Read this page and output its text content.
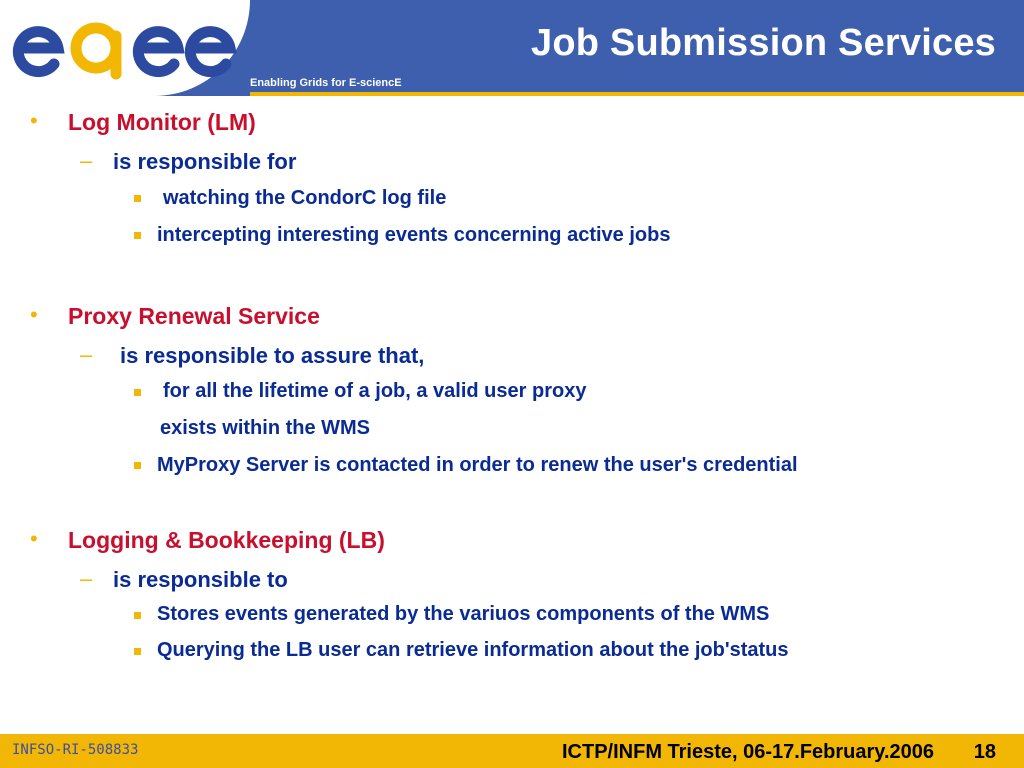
Enabling Grids for E-sciencE
Job Submission Services
• Log Monitor (LM)
– is responsible for
watching the CondorC log file
intercepting interesting events concerning active jobs
• Proxy Renewal Service
– is responsible to assure that,
for all the lifetime of a job, a valid user proxy
exists within the WMS
MyProxy Server is contacted in order to renew the user's credential
• Logging & Bookkeeping (LB)
– is responsible to
Stores events generated by the variuos components of the WMS
Querying the LB user can retrieve information about the job'status
INFSO-RI-508833	ICTP/INFM Trieste, 06-17.February.2006 18
